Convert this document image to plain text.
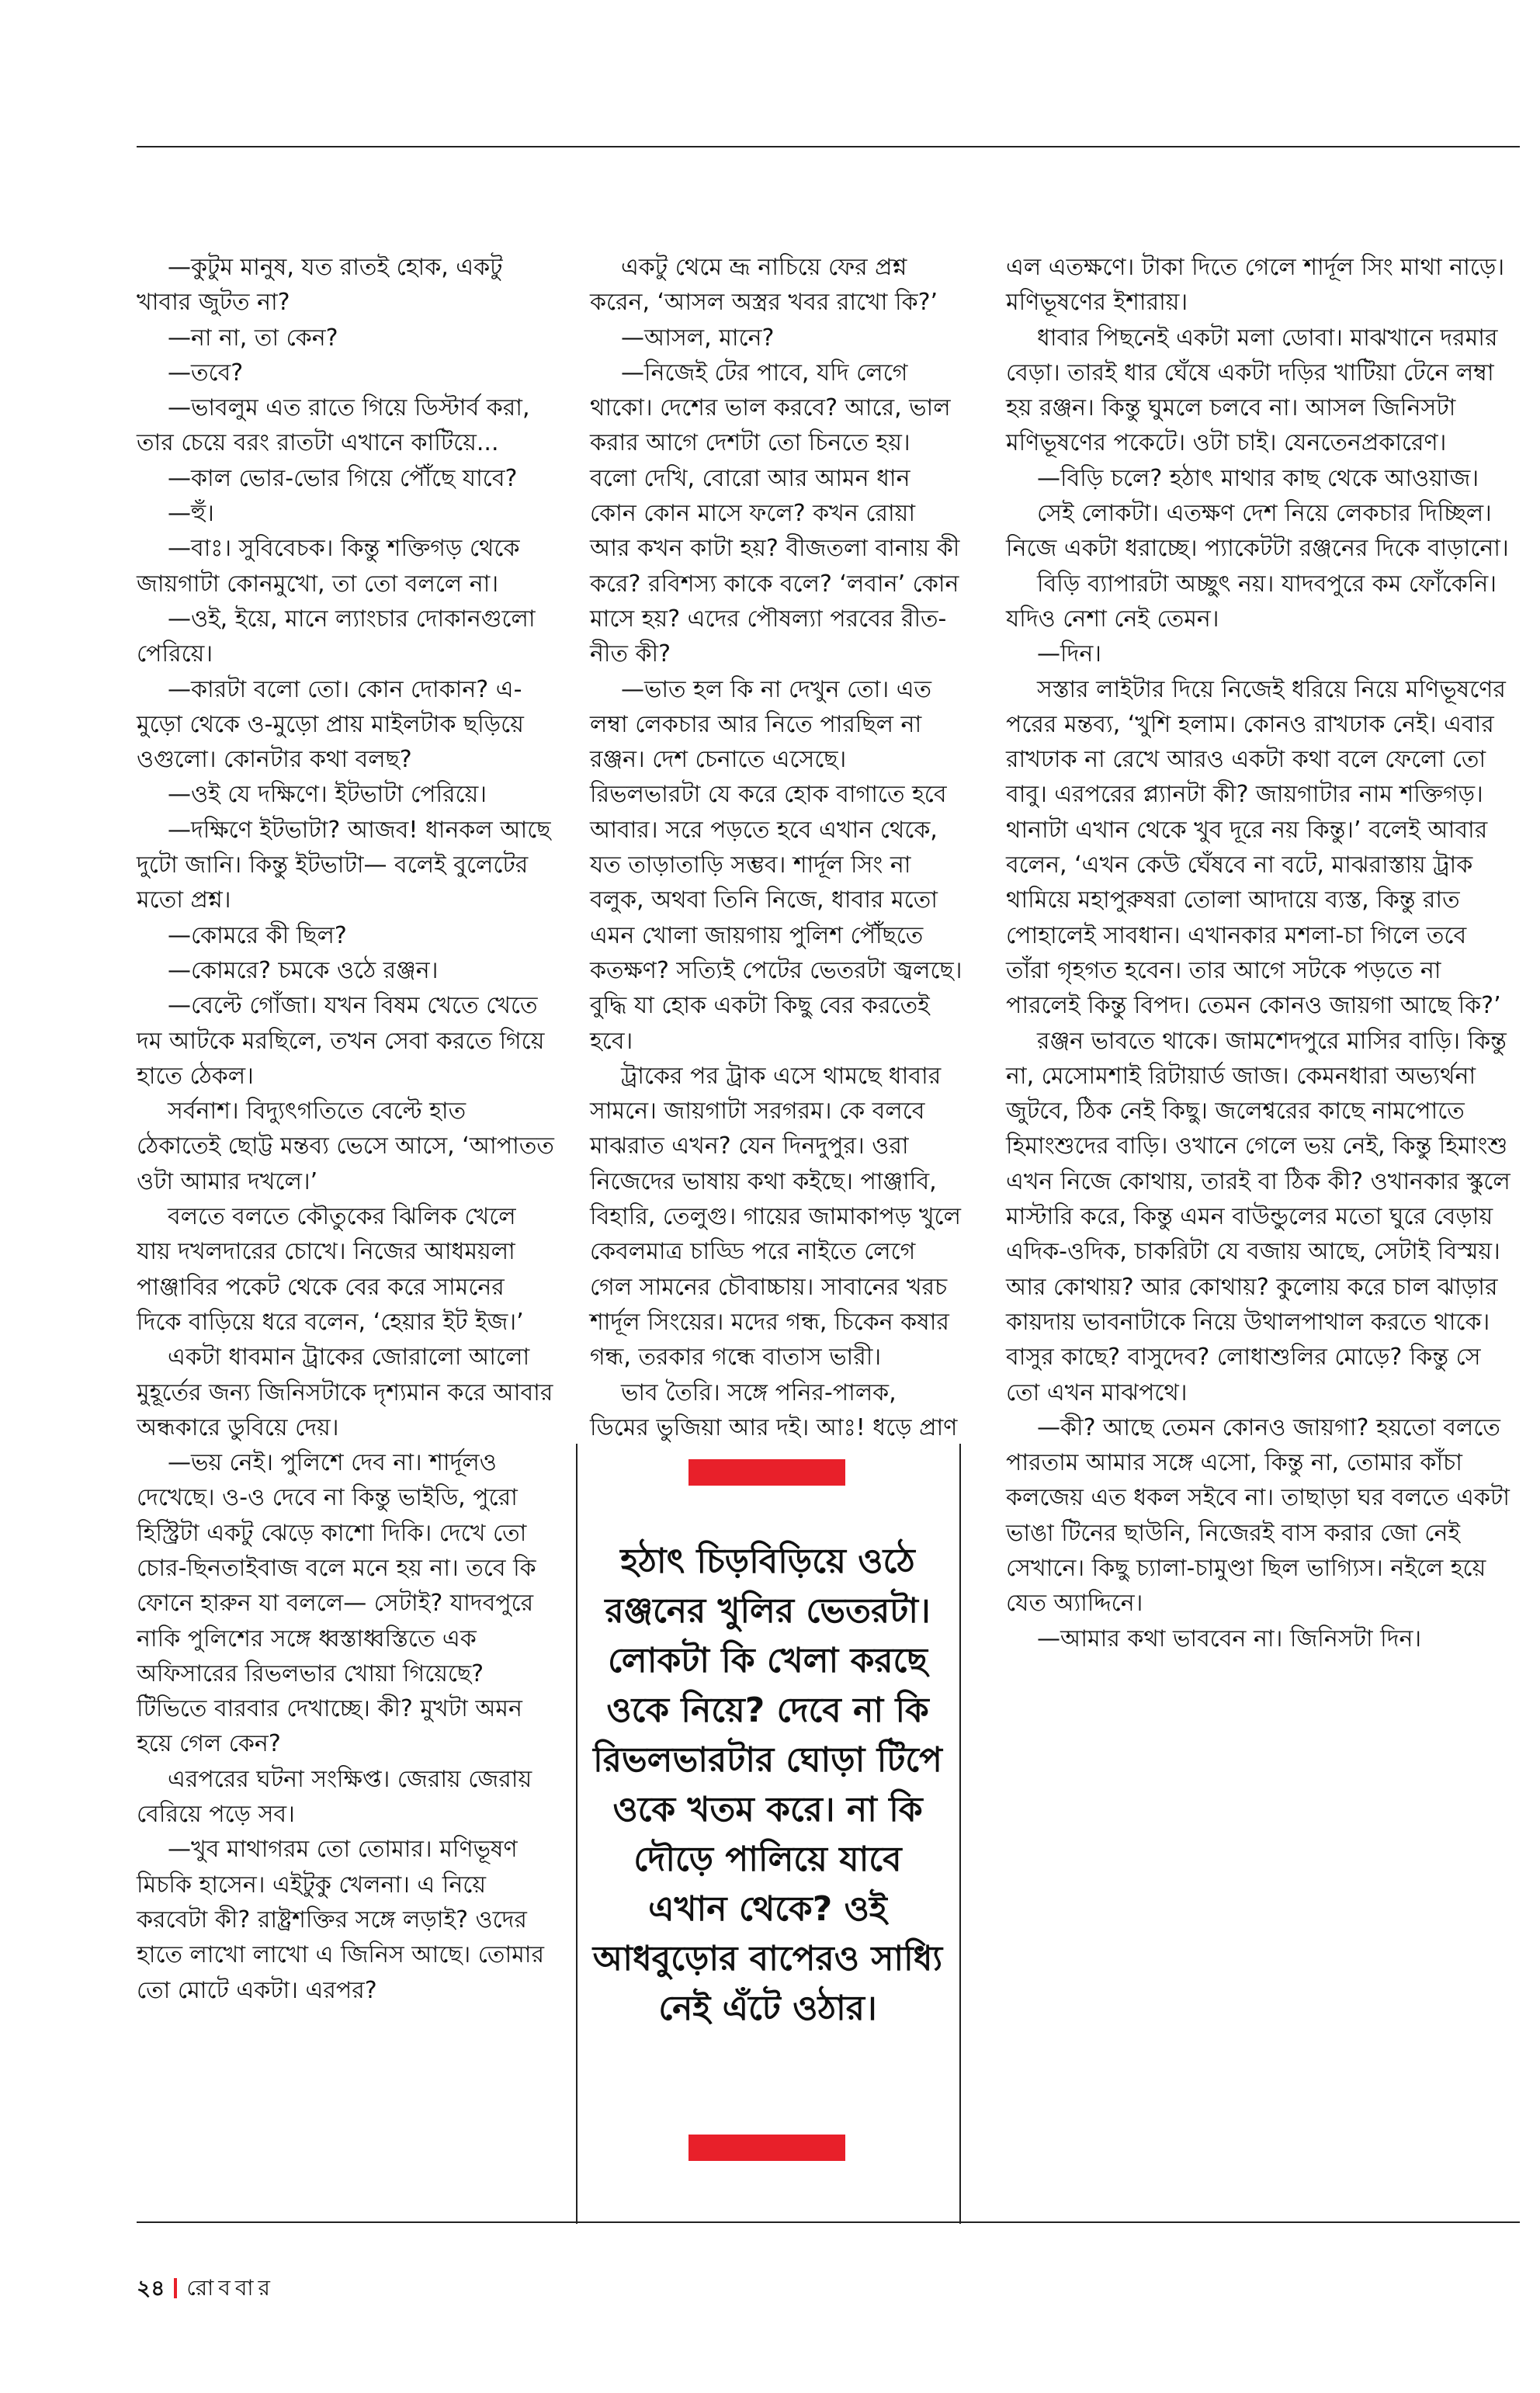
—কুটুম মানুষ, যত রাতই হোক, একটু খাবার জুটত না?

—না না, তা কেন?

—তবে?

—ভাবলুম এত রাতে গিয়ে ডিস্টার্ব করা, তার চেয়ে বরং রাতটা এখানে কাটিয়ে...

—কাল ভোর-ভোর গিয়ে পৌঁছে যাবে?

—হুঁ।

—বাঃ। সুবিবেচক। কিন্তু শক্তিগড় থেকে জায়গাটা কোনমুখো, তা তো বললে না।

—ওই, ইয়ে, মানে ল্যাংচার দোকানগুলো পেরিয়ে।

—কারটা বলো তো। কোন দোকান? এ-মুড়ো থেকে ও-মুড়ো প্রায় মাইলটাক ছড়িয়ে ওগুলো। কোনটার কথা বলছ?

—ওই যে দক্ষিণে। ইটভাটা পেরিয়ে।

—দক্ষিণে ইটভাটা? আজব! ধানকল আছে দুটো জানি। কিন্তু ইটভাটা— বলেই বুলেটের মতো প্রশ্ন।

—কোমরে কী ছিল?

—কোমরে? চমকে ওঠে রঞ্জন।

—বেল্টে গোঁজা। যখন বিষম খেতে খেতে দম আটকে মরছিলে, তখন সেবা করতে গিয়ে হাতে ঠেকল।

সর্বনাশ। বিদ্যুৎগতিতে বেল্টে হাত ঠেকাতেই ছোট্ট মন্তব্য ভেসে আসে, ‘আপাতত ওটা আমার দখলে।’

বলতে বলতে কৌতুকের ঝিলিক খেলে যায় দখলদারের চোখে। নিজের আধময়লা পাঞ্জাবির পকেট থেকে বের করে সামনের দিকে বাড়িয়ে ধরে বলেন, ‘হেয়ার ইট ইজ।’

একটা ধাবমান ট্রাকের জোরালো আলো মুহূর্তের জন্য জিনিসটাকে দৃশ্যমান করে আবার অন্ধকারে ডুবিয়ে দেয়।

—ভয় নেই। পুলিশে দেব না। শার্দূলও দেখেছে। ও-ও দেবে না কিন্তু ভাইডি, পুরো হিস্ট্রিটা একটু ঝেড়ে কাশো দিকি। দেখে তো চোর-ছিনতাইবাজ বলে মনে হয় না। তবে কি ফোনে হারুন যা বললে— সেটাই? যাদবপুরে নাকি পুলিশের সঙ্গে ধ্বস্তাধ্বস্তিতে এক অফিসারের রিভলভার খোয়া গিয়েছে? টিভিতে বারবার দেখাচ্ছে। কী? মুখটা অমন হয়ে গেল কেন?

এরপরের ঘটনা সংক্ষিপ্ত। জেরায় জেরায় বেরিয়ে পড়ে সব।

—খুব মাথাগরম তো তোমার। মণিভূষণ মিচকি হাসেন। এইটুকু খেলনা। এ নিয়ে করবেটা কী? রাষ্ট্রশক্তির সঙ্গে লড়াই? ওদের হাতে লাখো লাখো এ জিনিস আছে। তোমার তো মোটে একটা। এরপর?

একটু থেমে ভ্রূ নাচিয়ে ফের প্রশ্ন করেন, ‘আসল অস্ত্রর খবর রাখো কি?’

—আসল, মানে?

—নিজেই টের পাবে, যদি লেগে থাকো। দেশের ভাল করবে? আরে, ভাল করার আগে দেশটা তো চিনতে হয়। বলো দেখি, বোরো আর আমন ধান কোন কোন মাসে ফলে? কখন রোয়া আর কখন কাটা হয়? বীজতলা বানায় কী করে? রবিশস্য কাকে বলে? ‘লবান’ কোন মাসে হয়? এদের পৌষল্যা পরবের রীত-নীত কী?

—ভাত হল কি না দেখুন তো। এত লম্বা লেকচার আর নিতে পারছিল না রঞ্জন। দেশ চেনাতে এসেছে। রিভলভারটা যে করে হোক বাগাতে হবে আবার। সরে পড়তে হবে এখান থেকে, যত তাড়াতাড়ি সম্ভব। শার্দূল সিং না বলুক, অথবা তিনি নিজে, ধাবার মতো এমন খোলা জায়গায় পুলিশ পৌঁছতে কতক্ষণ? সত্যিই পেটের ভেতরটা জ্বলছে। বুদ্ধি যা হোক একটা কিছু বের করতেই হবে।

ট্রাকের পর ট্রাক এসে থামছে ধাবার সামনে। জায়গাটা সরগরম। কে বলবে মাঝরাত এখন? যেন দিনদুপুর। ওরা নিজেদের ভাষায় কথা কইছে। পাঞ্জাবি, বিহারি, তেলুগু। গায়ের জামাকাপড় খুলে কেবলমাত্র চাড্ডি পরে নাইতে লেগে গেল সামনের চৌবাচ্চায়। সাবানের খরচ শার্দূল সিংয়ের। মদের গন্ধ, চিকেন কষার গন্ধ, তরকার গন্ধে বাতাস ভারী।

ভাব তৈরি। সঙ্গে পনির-পালক, ডিমের ভুজিয়া আর দই। আঃ! ধড়ে প্রাণ

হঠাৎ চিড়বিড়িয়ে ওঠে রঞ্জনের খুলির ভেতরটা। লোকটা কি খেলা করছে ওকে নিয়ে? দেবে না কি রিভলভারটার ঘোড়া টিপে ওকে খতম করে। না কি দৌড়ে পালিয়ে যাবে এখান থেকে? ওই আধবুড়োর বাপেরও সাধ্যি নেই এঁটে ওঠার।

এল এতক্ষণে। টাকা দিতে গেলে শার্দূল সিং মাথা নাড়ে। মণিভূষণের ইশারায়।

ধাবার পিছনেই একটা মলা ডোবা। মাঝখানে দরমার বেড়া। তারই ধার ঘেঁষে একটা দড়ির খাটিয়া টেনে লম্বা হয় রঞ্জন। কিন্তু ঘুমলে চলবে না। আসল জিনিসটা মণিভূষণের পকেটে। ওটা চাই। যেনতেনপ্রকারেণ।

—বিড়ি চলে? হঠাৎ মাথার কাছ থেকে আওয়াজ।

সেই লোকটা। এতক্ষণ দেশ নিয়ে লেকচার দিচ্ছিল। নিজে একটা ধরাচ্ছে। প্যাকেটটা রঞ্জনের দিকে বাড়ানো।

বিড়ি ব্যাপারটা অচ্ছুৎ নয়। যাদবপুরে কম ফোঁকেনি। যদিও নেশা নেই তেমন।

—দিন।

সস্তার লাইটার দিয়ে নিজেই ধরিয়ে নিয়ে মণিভূষণের পরের মন্তব্য, ‘খুশি হলাম। কোনও রাখঢাক নেই। এবার রাখঢাক না রেখে আরও একটা কথা বলে ফেলো তো বাবু। এরপরের প্ল্যানটা কী? জায়গাটার নাম শক্তিগড়। থানাটা এখান থেকে খুব দূরে নয় কিন্তু।’ বলেই আবার বলেন, ‘এখন কেউ ঘেঁষবে না বটে, মাঝরাস্তায় ট্রাক থামিয়ে মহাপুরুষরা তোলা আদায়ে ব্যস্ত, কিন্তু রাত পোহালেই সাবধান। এখানকার মশলা-চা গিলে তবে তাঁরা গৃহগত হবেন। তার আগে সটকে পড়তে না পারলেই কিন্তু বিপদ। তেমন কোনও জায়গা আছে কি?’

রঞ্জন ভাবতে থাকে। জামশেদপুরে মাসির বাড়ি। কিন্তু না, মেসোমশাই রিটায়ার্ড জাজ। কেমনধারা অভ্যর্থনা জুটবে, ঠিক নেই কিছু। জলেশ্বরের কাছে নামপোতে হিমাংশুদের বাড়ি। ওখানে গেলে ভয় নেই, কিন্তু হিমাংশু এখন নিজে কোথায়, তারই বা ঠিক কী? ওখানকার স্কুলে মাস্টারি করে, কিন্তু এমন বাউন্ডুলের মতো ঘুরে বেড়ায় এদিক-ওদিক, চাকরিটা যে বজায় আছে, সেটাই বিস্ময়। আর কোথায়? আর কোথায়? কুলোয় করে চাল ঝাড়ার কায়দায় ভাবনাটাকে নিয়ে উথালপাথাল করতে থাকে। বাসুর কাছে? বাসুদেব? লোধাশুলির মোড়ে? কিন্তু সে তো এখন মাঝপথে।

—কী? আছে তেমন কোনও জায়গা? হয়তো বলতে পারতাম আমার সঙ্গে এসো, কিন্তু না, তোমার কাঁচা কলজেয় এত ধকল সইবে না। তাছাড়া ঘর বলতে একটা ভাঙা টিনের ছাউনি, নিজেরই বাস করার জো নেই সেখানে। কিছু চ্যালা-চামুণ্ডা ছিল ভাগ্যিস। নইলে হয়ে যেত অ্যাদ্দিনে।

—আমার কথা ভাববেন না। জিনিসটা দিন।

২৪ রোববার
